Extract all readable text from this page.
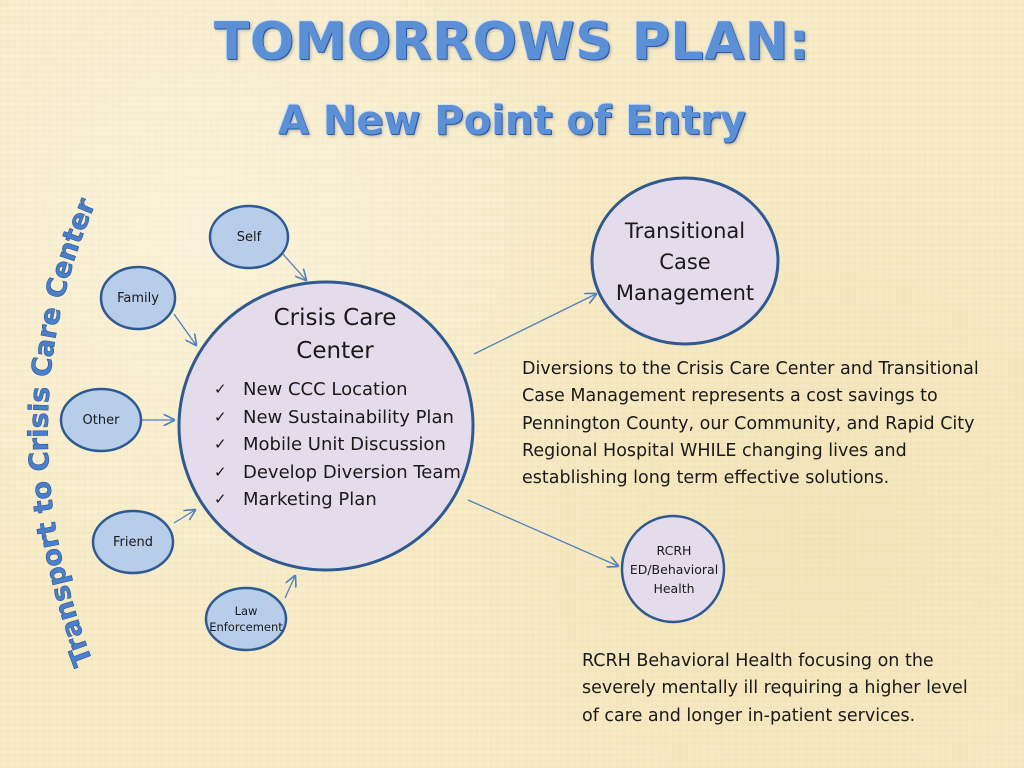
TOMORROWS PLAN:
A New Point of Entry
Transport to Crisis Care Center
Self
Family
Other
Friend
Law
Enforcement
Crisis Care
Center
✓ New CCC Location
✓ New Sustainability Plan
✓ Mobile Unit Discussion
✓ Develop Diversion Team
✓ Marketing Plan
Transitional
Case
Management
RCRH
ED/Behavioral
Health
Diversions to the Crisis Care Center and Transitional
Case Management represents a cost savings to
Pennington County, our Community, and Rapid City
Regional Hospital WHILE changing lives and
establishing long term effective solutions.
RCRH Behavioral Health focusing on the
severely mentally ill requiring a higher level
of care and longer in-patient services.
